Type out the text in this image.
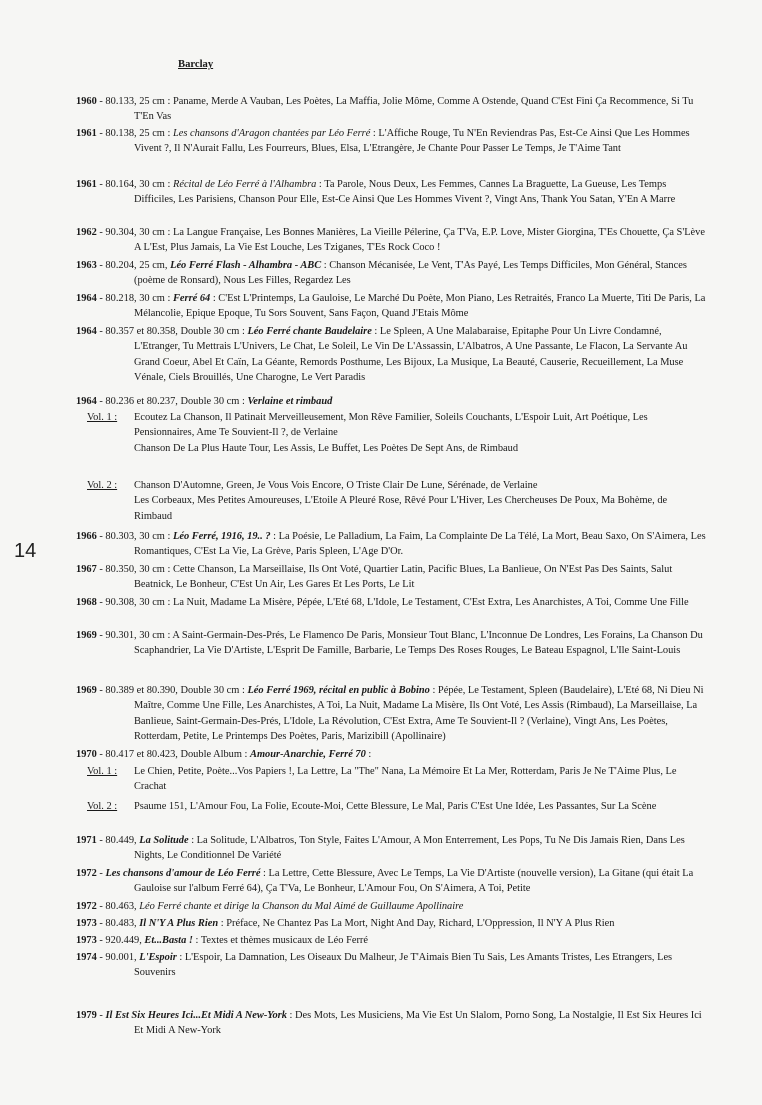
14
Barclay
1960 - 80.133, 25 cm : Paname, Merde A Vauban, Les Poètes, La Maffia, Jolie Môme, Comme A Ostende, Quand C'Est Fini Ça Recommence, Si Tu T'En Vas
1961 - 80.138, 25 cm : Les chansons d'Aragon chantées par Léo Ferré : L'Affiche Rouge, Tu N'En Reviendras Pas, Est-Ce Ainsi Que Les Hommes Vivent ?, Il N'Aurait Fallu, Les Fourreurs, Blues, Elsa, L'Etrangère, Je Chante Pour Passer Le Temps, Je T'Aime Tant
1961 - 80.164, 30 cm : Récital de Léo Ferré à l'Alhambra : Ta Parole, Nous Deux, Les Femmes, Cannes La Braguette, La Gueuse, Les Temps Difficiles, Les Parisiens, Chanson Pour Elle, Est-Ce Ainsi Que Les Hommes Vivent ?, Vingt Ans, Thank You Satan, Y'En A Marre
1962 - 90.304, 30 cm : La Langue Française, Les Bonnes Manières, La Vieille Pélerine, Ça T'Va, E.P. Love, Mister Giorgina, T'Es Chouette, Ça S'Lève A L'Est, Plus Jamais, La Vie Est Louche, Les Tziganes, T'Es Rock Coco !
1963 - 80.204, 25 cm, Léo Ferré Flash - Alhambra - ABC : Chanson Mécanisée, Le Vent, T'As Payé, Les Temps Difficiles, Mon Général, Stances (poème de Ronsard), Nous Les Filles, Regardez Les
1964 - 80.218, 30 cm : Ferré 64 : C'Est L'Printemps, La Gauloise, Le Marché Du Poète, Mon Piano, Les Retraités, Franco La Muerte, Titi De Paris, La Mélancolie, Epique Epoque, Tu Sors Souvent, Sans Façon, Quand J'Etais Môme
1964 - 80.357 et 80.358, Double 30 cm : Léo Ferré chante Baudelaire : Le Spleen, A Une Malabaraise, Epitaphe Pour Un Livre Condamné, L'Etranger, Tu Mettrais L'Univers, Le Chat, Le Soleil, Le Vin De L'Assassin, L'Albatros, A Une Passante, Le Flacon, La Servante Au Grand Coeur, Abel Et Caïn, La Géante, Remords Posthume, Les Bijoux, La Musique, La Beauté, Causerie, Recueillement, La Muse Vénale, Ciels Brouillés, Une Charogne, Le Vert Paradis
1964 - 80.236 et 80.237, Double 30 cm : Verlaine et rimbaud
Vol. 1 : Ecoutez La Chanson, Il Patinait Merveilleusement, Mon Rêve Familier, Soleils Couchants, L'Espoir Luit, Art Poétique, Les Pensionnaires, Ame Te Souvient-Il ?, de Verlaine

Chanson De La Plus Haute Tour, Les Assis, Le Buffet, Les Poètes De Sept Ans, de Rimbaud

Vol. 2 : Chanson D'Automne, Green, Je Vous Vois Encore, O Triste Clair De Lune, Sérénade, de Verlaine

Les Corbeaux, Mes Petites Amoureuses, L'Etoile A Pleuré Rose, Rêvé Pour L'Hiver, Les Chercheuses De Poux, Ma Bohème, de Rimbaud

1966 - 80.303, 30 cm : Léo Ferré, 1916, 19.. ? : La Poésie, Le Palladium, La Faim, La Complainte De La Télé, La Mort, Beau Saxo, On S'Aimera, Les Romantiques, C'Est La Vie, La Grève, Paris Spleen, L'Age D'Or.
1967 - 80.350, 30 cm : Cette Chanson, La Marseillaise, Ils Ont Voté, Quartier Latin, Pacific Blues, La Banlieue, On N'Est Pas Des Saints, Salut Beatnick, Le Bonheur, C'Est Un Air, Les Gares Et Les Ports, Le Lit
1968 - 90.308, 30 cm : La Nuit, Madame La Misère, Pépée, L'Eté 68, L'Idole, Le Testament, C'Est Extra, Les Anarchistes, A Toi, Comme Une Fille
1969 - 90.301, 30 cm : A Saint-Germain-Des-Prés, Le Flamenco De Paris, Monsieur Tout Blanc, L'Inconnue De Londres, Les Forains, La Chanson Du Scaphandrier, La Vie D'Artiste, L'Esprit De Famille, Barbarie, Le Temps Des Roses Rouges, Le Bateau Espagnol, L'Ile Saint-Louis
1969 - 80.389 et 80.390, Double 30 cm : Léo Ferré 1969, récital en public à Bobino : Pépée, Le Testament, Spleen (Baudelaire), L'Eté 68, Ni Dieu Ni Maître, Comme Une Fille, Les Anarchistes, A Toi, La Nuit, Madame La Misère, Ils Ont Voté, Les Assis (Rimbaud), La Marseillaise, La Banlieue, Saint-Germain-Des-Prés, L'Idole, La Révolution, C'Est Extra, Ame Te Souvient-Il ? (Verlaine), Vingt Ans, Les Poètes, Rotterdam, Petite, Le Printemps Des Poètes, Paris, Marizibill (Apollinaire)
1970 - 80.417 et 80.423, Double Album : Amour-Anarchie, Ferré 70 :
Vol. 1 : Le Chien, Petite, Poète...Vos Papiers !, La Lettre, La "The" Nana, La Mémoire Et La Mer, Rotterdam, Paris Je Ne T'Aime Plus, Le Crachat

Vol. 2 : Psaume 151, L'Amour Fou, La Folie, Ecoute-Moi, Cette Blessure, Le Mal, Paris C'Est Une Idée, Les Passantes, Sur La Scène

1971 - 80.449, La Solitude : La Solitude, L'Albatros, Ton Style, Faites L'Amour, A Mon Enterrement, Les Pops, Tu Ne Dis Jamais Rien, Dans Les Nights, Le Conditionnel De Variété
1972 - Les chansons d'amour de Léo Ferré : La Lettre, Cette Blessure, Avec Le Temps, La Vie D'Artiste (nouvelle version), La Gitane (qui était La Gauloise sur l'album Ferré 64), Ça T'Va, Le Bonheur, L'Amour Fou, On S'Aimera, A Toi, Petite
1972 - 80.463, Léo Ferré chante et dirige la Chanson du Mal Aimé de Guillaume Apollinaire
1973 - 80.483, Il N'Y A Plus Rien : Préface, Ne Chantez Pas La Mort, Night And Day, Richard, L'Oppression, Il N'Y A Plus Rien
1973 - 920.449, Et...Basta ! : Textes et thèmes musicaux de Léo Ferré
1974 - 90.001, L'Espoir : L'Espoir, La Damnation, Les Oiseaux Du Malheur, Je T'Aimais Bien Tu Sais, Les Amants Tristes, Les Etrangers, Les Souvenirs
1979 - Il Est Six Heures Ici...Et Midi A New-York : Des Mots, Les Musiciens, Ma Vie Est Un Slalom, Porno Song, La Nostalgie, Il Est Six Heures Ici Et Midi A New-York
